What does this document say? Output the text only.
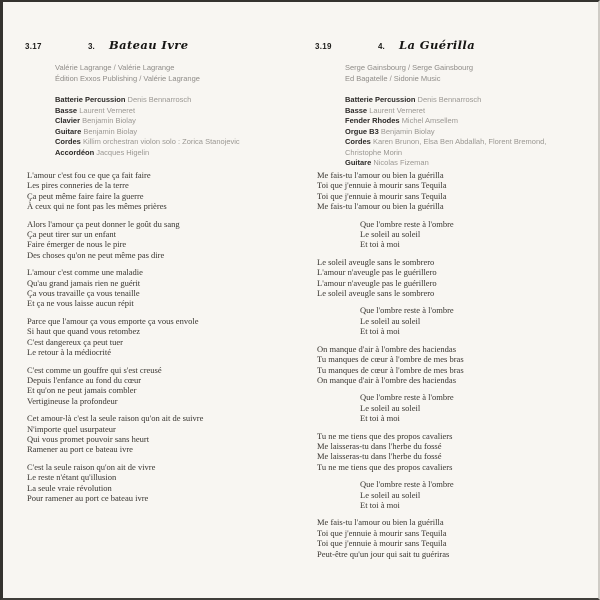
3.17	3.	Bateau Ivre
Valérie Lagrange / Valérie Lagrange
Édition Exxos Publishing / Valérie Lagrange
Batterie Percussion Denis Bennarrosch
Basse Laurent Verneret
Clavier Benjamin Biolay
Guitare Benjamin Biolay
Cordes Killim orchestran violon solo : Zorica Stanojevic
Accordéon Jacques Higelin

L'amour c'est fou ce que ça fait faire

Les pires conneries de la terre

Ça peut même faire faire la guerre

À ceux qui ne font pas les mêmes prières

Alors l'amour ça peut donner le goût du sang

Ça peut tirer sur un enfant

Faire émerger de nous le pire

Des choses qu'on ne peut même pas dire

L'amour c'est comme une maladie

Qu'au grand jamais rien ne guérit

Ça vous travaille ça vous tenaille

Et ça ne vous laisse aucun répit

Parce que l'amour ça vous emporte ça vous envole

Si haut que quand vous retombez

C'est dangereux ça peut tuer

Le retour à la médiocrité

C'est comme un gouffre qui s'est creusé

Depuis l'enfance au fond du cœur

Et qu'on ne peut jamais combler

Vertigineuse la profondeur

Cet amour-là c'est la seule raison qu'on ait de suivre

N'importe quel usurpateur

Qui vous promet pouvoir sans heurt

Ramener au port ce bateau ivre

C'est la seule raison qu'on ait de vivre

Le reste n'étant qu'illusion

La seule vraie révolution

Pour ramener au port ce bateau ivre

3.19	4.	La Guérilla
Serge Gainsbourg / Serge Gainsbourg
Ed Bagatelle / Sidonie Music
Batterie Percussion Denis Bennarrosch
Basse Laurent Verneret
Fender Rhodes Michel Amsellem
Orgue B3 Benjamin Biolay
Cordes Karen Brunon, Elsa Ben Abdallah, Florent Bremond, Christophe Morin
Guitare Nicolas Fizeman

Me fais-tu l'amour ou bien la guérilla

Toi que j'ennuie à mourir sans Tequila

Toi que j'ennuie à mourir sans Tequila

Me fais-tu l'amour ou bien la guérilla

Que l'ombre reste à l'ombre

Le soleil au soleil

Et toi à moi

Le soleil aveugle sans le sombrero

L'amour n'aveugle pas le guérillero

L'amour n'aveugle pas le guérillero

Le soleil aveugle sans le sombrero

Que l'ombre reste à l'ombre

Le soleil au soleil

Et toi à moi

On manque d'air à l'ombre des haciendas

Tu manques de cœur à l'ombre de mes bras

Tu manques de cœur à l'ombre de mes bras

On manque d'air à l'ombre des haciendas

Que l'ombre reste à l'ombre

Le soleil au soleil

Et toi à moi

Tu ne me tiens que des propos cavaliers

Me laisseras-tu dans l'herbe du fossé

Me laisseras-tu dans l'herbe du fossé

Tu ne me tiens que des propos cavaliers

Que l'ombre reste à l'ombre

Le soleil au soleil

Et toi à moi

Me fais-tu l'amour ou bien la guérilla

Toi que j'ennuie à mourir sans Tequila

Toi que j'ennuie à mourir sans Tequila

Peut-être qu'un jour qui sait tu guériras
